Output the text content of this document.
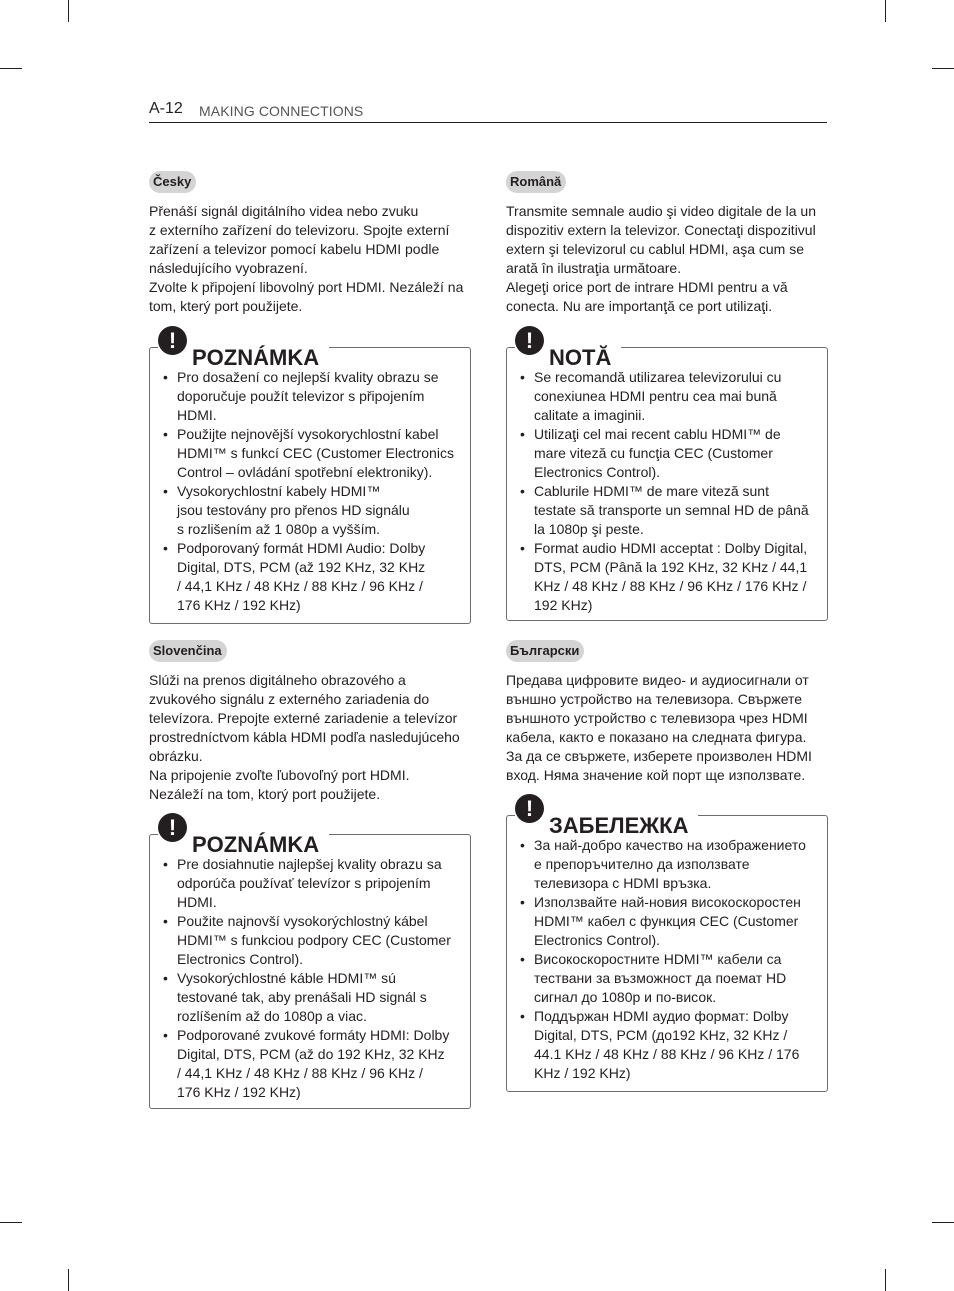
A-12 MAKING CONNECTIONS
Česky

Přenáší signál digitálního videa nebo zvuku
z externího zařízení do televizoru. Spojte externí
zařízení a televizor pomocí kabelu HDMI podle
následujícího vyobrazení.
Zvolte k připojení libovolný port HDMI. Nezáleží na
tom, který port použijete.

!
POZNÁMKA
• Pro dosažení co nejlepší kvality obrazu se
doporučuje použít televizor s připojením
HDMI.
• Použijte nejnovější vysokorychlostní kabel
HDMI™ s funkcí CEC (Customer Electronics
Control – ovládání spotřební elektroniky).
• Vysokorychlostní kabely HDMI™
jsou testovány pro přenos HD signálu
s rozlišením až 1 080p a vyšším.
• Podporovaný formát HDMI Audio: Dolby
Digital, DTS, PCM (až 192 KHz, 32 KHz
/ 44,1 KHz / 48 KHz / 88 KHz / 96 KHz /
176 KHz / 192 KHz)
Română

Transmite semnale audio şi video digitale de la un
dispozitiv extern la televizor. Conectaţi dispozitivul
extern şi televizorul cu cablul HDMI, aşa cum se
arată în ilustraţia următoare.
Alegeţi orice port de intrare HDMI pentru a vă
conecta. Nu are importanţă ce port utilizaţi.

!
NOTĂ
• Se recomandă utilizarea televizorului cu
conexiunea HDMI pentru cea mai bună
calitate a imaginii.
• Utilizaţi cel mai recent cablu HDMI™ de
mare viteză cu funcţia CEC (Customer
Electronics Control).
• Cablurile HDMI™ de mare viteză sunt
testate să transporte un semnal HD de până
la 1080p şi peste.
• Format audio HDMI acceptat : Dolby Digital,
DTS, PCM (Până la 192 KHz, 32 KHz / 44,1
KHz / 48 KHz / 88 KHz / 96 KHz / 176 KHz /
192 KHz)
Slovenčina

Slúži na prenos digitálneho obrazového a
zvukového signálu z externého zariadenia do
televízora. Prepojte externé zariadenie a televízor
prostredníctvom kábla HDMI podľa nasledujúceho
obrázku.
Na pripojenie zvoľte ľubovoľný port HDMI.
Nezáleží na tom, ktorý port použijete.

!
POZNÁMKA
• Pre dosiahnutie najlepšej kvality obrazu sa
odporúča používať televízor s pripojením
HDMI.
• Použite najnovší vysokorýchlostný kábel
HDMI™ s funkciou podpory CEC (Customer
Electronics Control).
• Vysokorýchlostné káble HDMI™ sú
testované tak, aby prenášali HD signál s
rozlíšením až do 1080p a viac.
• Podporované zvukové formáty HDMI: Dolby
Digital, DTS, PCM (až do 192 KHz, 32 KHz
/ 44,1 KHz / 48 KHz / 88 KHz / 96 KHz /
176 KHz / 192 KHz)
Български

Предава цифровите видео- и аудиосигнали от
външно устройство на телевизора. Свържете
външното устройство с телевизора чрез HDMI
кабела, както е показано на следната фигура.
За да се свържете, изберете произволен HDMI
вход. Няма значение кой порт ще използвате.

!
ЗАБЕЛЕЖКА
• За най-добро качество на изображението
е препоръчително да използвате
телевизора с HDMI връзка.
• Използвайте най-новия високоскоростен
HDMI™ кабел с функция CEC (Customer
Electronics Control).
• Високоскоростните HDMI™ кабели са
тествани за възможност да поемат HD
сигнал до 1080p и по-висок.
• Поддържан HDMI аудио формат: Dolby
Digital, DTS, PCM (до192 KHz, 32 KHz /
44.1 KHz / 48 KHz / 88 KHz / 96 KHz / 176
KHz / 192 KHz)
